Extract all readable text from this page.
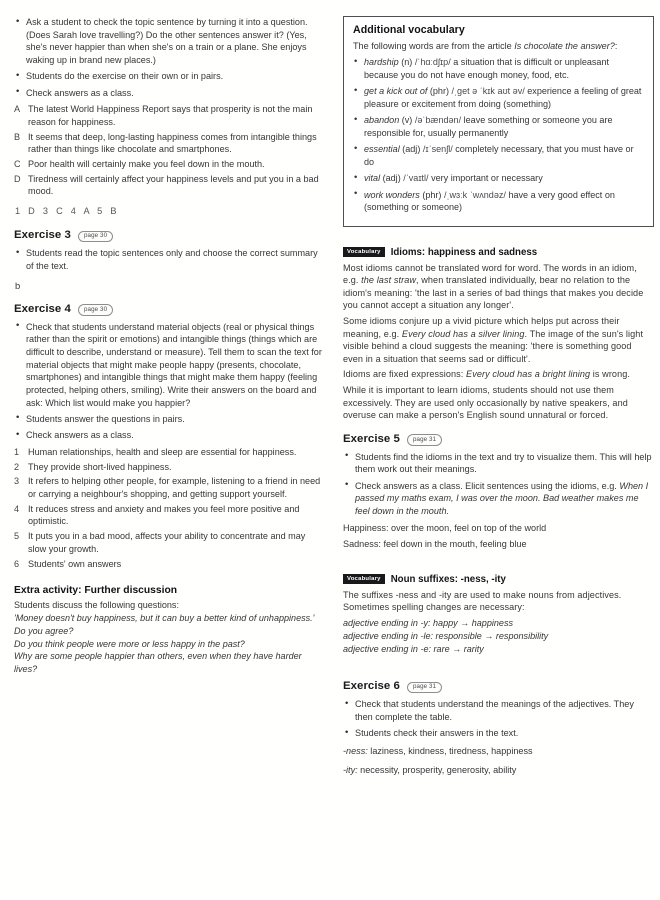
• Ask a student to check the topic sentence by turning it into a question. (Does Sarah love travelling?) Do the other sentences answer it? (Yes, she's never happier than when she's on a train or a plane. She enjoys waking up in brand new places.)
• Students do the exercise on their own or in pairs.
• Check answers as a class.
A The latest World Happiness Report says that prosperity is not the main reason for happiness.
B It seems that deep, long-lasting happiness comes from intangible things rather than things like chocolate and smartphones.
C Poor health will certainly make you feel down in the mouth.
D Tiredness will certainly affect your happiness levels and put you in a bad mood.
1 D 3 C 4 A 5 B
Exercise 3	page 30
• Students read the topic sentences only and choose the correct summary of the text.
b
Exercise 4	page 30
• Check that students understand material objects (real or physical things rather than the spirit or emotions) and intangible things (things which are difficult to describe, understand or measure). Tell them to scan the text for material objects that might make people happy (presents, chocolate, smartphones) and intangible things that might make them happy (feeling protected, helping others, smiling). Write their answers on the board and ask: Which list would make you happier?
• Students answer the questions in pairs.
• Check answers as a class.
1 Human relationships, health and sleep are essential for happiness.
2 They provide short-lived happiness.
3 It refers to helping other people, for example, listening to a friend in need or carrying a neighbour's shopping, and getting support yourself.
4 It reduces stress and anxiety and makes you feel more positive and optimistic.
5 It puts you in a bad mood, affects your ability to concentrate and may slow your growth.
6 Students' own answers
Extra activity: Further discussion

Students discuss the following questions:

'Money doesn't buy happiness, but it can buy a better kind of unhappiness.' Do you agree?

Do you think people were more or less happy in the past?

Why are some people happier than others, even when they have harder lives?

Additional vocabulary

The following words are from the article Is chocolate the answer?:

• hardship (n) /ˈhɑːdʃɪp/ a situation that is difficult or unpleasant because you do not have enough money, food, etc.
• get a kick out of (phr) /ˌget ə ˈkɪk aʊt əv/ experience a feeling of great pleasure or excitement from doing (something)
• abandon (v) /əˈbændən/ leave something or someone you are responsible for, usually permanently
• essential (adj) /ɪˈsenʃl/ completely necessary, that you must have or do
• vital (adj) /ˈvaɪtl/ very important or necessary
• work wonders (phr) /ˌwɜːk ˈwʌndəz/ have a very good effect on (something or someone)
Vocabulary	Idioms: happiness and sadness

Most idioms cannot be translated word for word. The words in an idiom, e.g. the last straw, when translated individually, bear no relation to the idiom's meaning: 'the last in a series of bad things that makes you decide you cannot accept a situation any longer'.

Some idioms conjure up a vivid picture which helps put across their meaning, e.g. Every cloud has a silver lining. The image of the sun's light visible behind a cloud suggests the meaning: 'there is something good even in a situation that seems sad or difficult'.

Idioms are fixed expressions: Every cloud has a bright lining is wrong.

While it is important to learn idioms, students should not use them excessively. They are used only occasionally by native speakers, and overuse can make a person's English sound unnatural or forced.

Exercise 5	page 31
• Students find the idioms in the text and try to visualize them. This will help them work out their meanings.
• Check answers as a class. Elicit sentences using the idioms, e.g. When I passed my maths exam, I was over the moon. Bad weather makes me feel down in the mouth.
Happiness: over the moon, feel on top of the world
Sadness: feel down in the mouth, feeling blue
Vocabulary	Noun suffixes: -ness, -ity

The suffixes -ness and -ity are used to make nouns from adjectives. Sometimes spelling changes are necessary:

adjective ending in -y: happy → happiness
adjective ending in -le: responsible → responsibility
adjective ending in -e: rare → rarity
Exercise 6	page 31
• Check that students understand the meanings of the adjectives. They then complete the table.
• Students check their answers in the text.
-ness: laziness, kindness, tiredness, happiness
-ity: necessity, prosperity, generosity, ability
